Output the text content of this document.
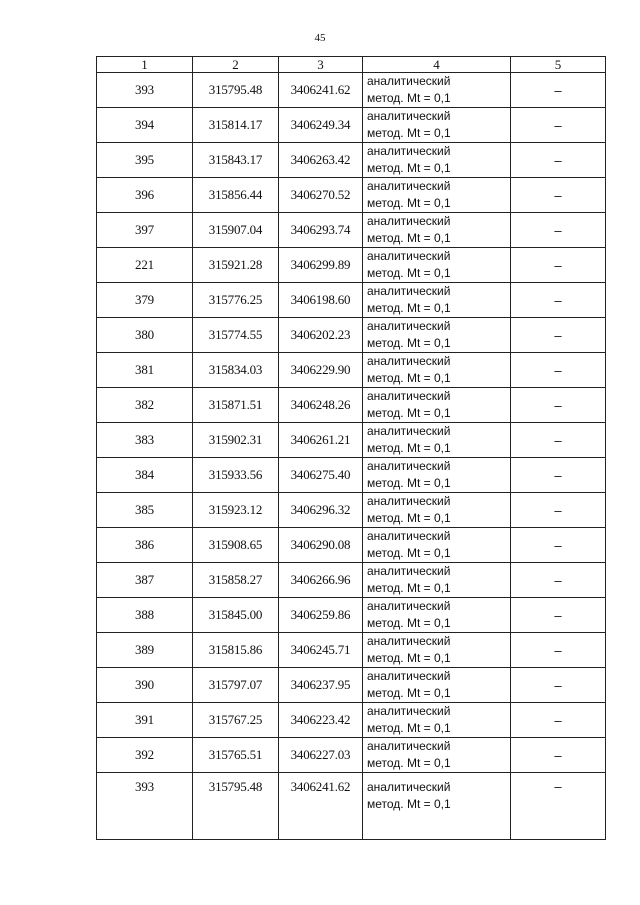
45
1	2	3	4	5
393	315795.48	3406241.62	аналитический
метод. Mt = 0,1	–
394	315814.17	3406249.34	аналитический
метод. Mt = 0,1	–
395	315843.17	3406263.42	аналитический
метод. Mt = 0,1	–
396	315856.44	3406270.52	аналитический
метод. Mt = 0,1	–
397	315907.04	3406293.74	аналитический
метод. Mt = 0,1	–
221	315921.28	3406299.89	аналитический
метод. Mt = 0,1	–
379	315776.25	3406198.60	аналитический
метод. Mt = 0,1	–
380	315774.55	3406202.23	аналитический
метод. Mt = 0,1	–
381	315834.03	3406229.90	аналитический
метод. Mt = 0,1	–
382	315871.51	3406248.26	аналитический
метод. Mt = 0,1	–
383	315902.31	3406261.21	аналитический
метод. Mt = 0,1	–
384	315933.56	3406275.40	аналитический
метод. Mt = 0,1	–
385	315923.12	3406296.32	аналитический
метод. Mt = 0,1	–
386	315908.65	3406290.08	аналитический
метод. Mt = 0,1	–
387	315858.27	3406266.96	аналитический
метод. Mt = 0,1	–
388	315845.00	3406259.86	аналитический
метод. Mt = 0,1	–
389	315815.86	3406245.71	аналитический
метод. Mt = 0,1	–
390	315797.07	3406237.95	аналитический
метод. Mt = 0,1	–
391	315767.25	3406223.42	аналитический
метод. Mt = 0,1	–
392	315765.51	3406227.03	аналитический
метод. Mt = 0,1	–
393	315795.48	3406241.62	аналитический
метод. Mt = 0,1	–
